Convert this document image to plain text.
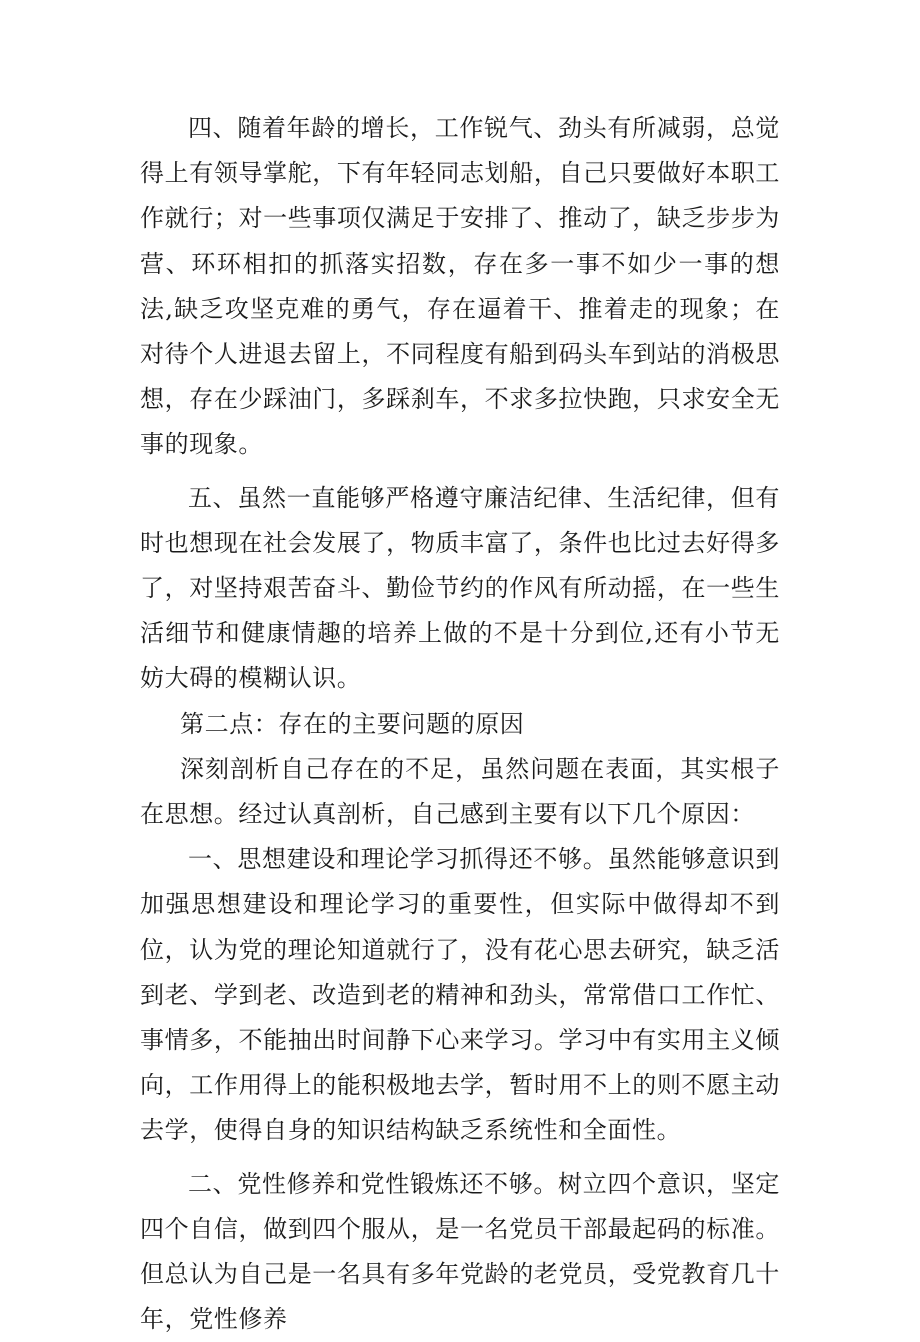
四、随着年龄的增长，工作锐气、劲头有所减弱，总觉得上有领导掌舵，下有年轻同志划船，自己只要做好本职工作就行；对一些事项仅满足于安排了、推动了，缺乏步步为营、环环相扣的抓落实招数，存在多一事不如少一事的想法,缺乏攻坚克难的勇气，存在逼着干、推着走的现象；在对待个人进退去留上，不同程度有船到码头车到站的消极思想，存在少踩油门，多踩刹车，不求多拉快跑，只求安全无事的现象。

五、虽然一直能够严格遵守廉洁纪律、生活纪律，但有时也想现在社会发展了，物质丰富了，条件也比过去好得多了，对坚持艰苦奋斗、勤俭节约的作风有所动摇，在一些生活细节和健康情趣的培养上做的不是十分到位,还有小节无妨大碍的模糊认识。

第二点：存在的主要问题的原因

深刻剖析自己存在的不足，虽然问题在表面，其实根子在思想。经过认真剖析，自己感到主要有以下几个原因：

一、思想建设和理论学习抓得还不够。虽然能够意识到加强思想建设和理论学习的重要性，但实际中做得却不到位，认为党的理论知道就行了，没有花心思去研究，缺乏活到老、学到老、改造到老的精神和劲头，常常借口工作忙、事情多，不能抽出时间静下心来学习。学习中有实用主义倾向，工作用得上的能积极地去学，暂时用不上的则不愿主动去学，使得自身的知识结构缺乏系统性和全面性。

二、党性修养和党性锻炼还不够。树立四个意识，坚定四个自信，做到四个服从，是一名党员干部最起码的标准。但总认为自己是一名具有多年党龄的老党员，受党教育几十年，党性修养
